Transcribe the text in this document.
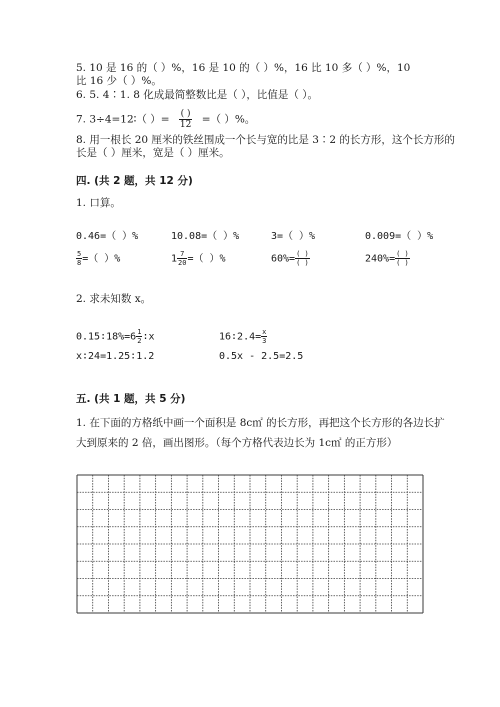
5. 10 是 16 的（ ）%，16 是 10 的（ ）%，16 比 10 多（ ）%，10
比 16 少（ ）%。
6. 5. 4∶1. 8 化成最简整数比是（ ），比值是（ ）。
7. 3÷4=12∶（ ）= $\frac{( )}{12}$ =（ ）%。
8. 用一根长 20 厘米的铁丝围成一个长与宽的比是 3∶2 的长方形，这个长方形的
长是（ ）厘米，宽是（ ）厘米。
四. (共 2 题，共 12 分)
1. 口算。
0.46=（ ）%	10.08=（ ）%	3=（ ）%	0.009=（ ）%
$\frac{5}{8}$ =（ ）%	$1 \frac{7}{20}$ =（ ）%	$60\%= \frac{( )}{( )}$	$240\%= \frac{( )}{( )}$
2. 求未知数 x。
0.15∶18%=6 $\frac{1}{2}$ ∶x	16∶2.4= $\frac{x}{3}$
x∶24=1.25∶1.2	0.5x - 2.5=2.5
五. (共 1 题，共 5 分)
1. 在下面的方格纸中画一个面积是 8c㎡ 的长方形，再把这个长方形的各边长扩
大到原来的 2 倍，画出图形。（每个方格代表边长为 1c㎡ 的正方形）
